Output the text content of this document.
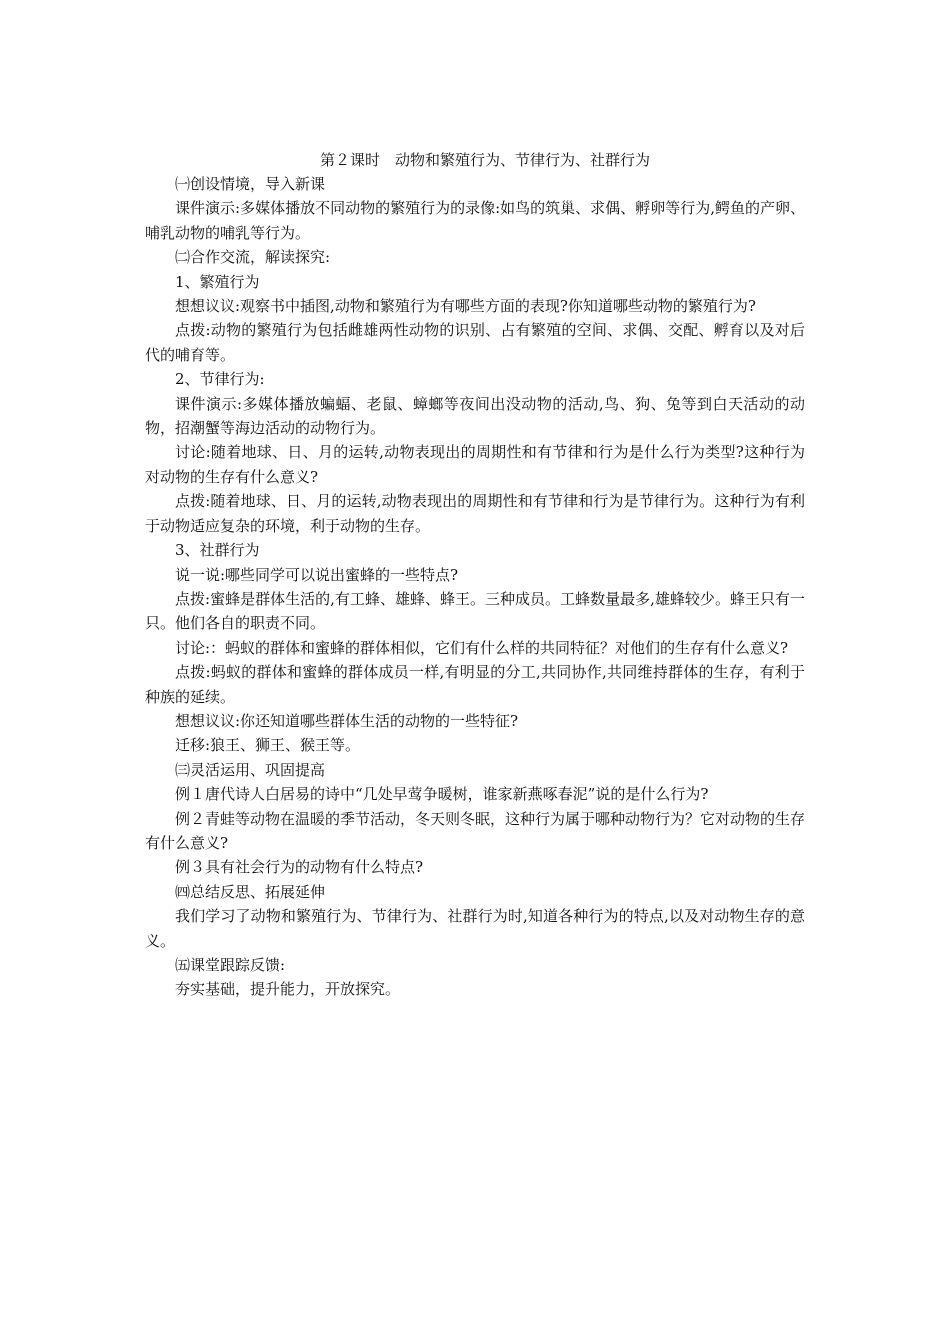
第２课时　动物和繁殖行为、节律行为、社群行为

㈠创设情境，导入新课

课件演示:多媒体播放不同动物的繁殖行为的录像:如鸟的筑巢、求偶、孵卵等行为,鳄鱼的产卵、哺乳动物的哺乳等行为。

㈡合作交流，解读探究:

1、繁殖行为

想想议议:观察书中插图,动物和繁殖行为有哪些方面的表现?你知道哪些动物的繁殖行为?

点拨:动物的繁殖行为包括雌雄两性动物的识别、占有繁殖的空间、求偶、交配、孵育以及对后代的哺育等。

2、节律行为:

课件演示:多媒体播放蝙蝠、老鼠、蟑螂等夜间出没动物的活动,鸟、狗、兔等到白天活动的动物，招潮蟹等海边活动的动物行为。

讨论:随着地球、日、月的运转,动物表现出的周期性和有节律和行为是什么行为类型?这种行为对动物的生存有什么意义?

点拨:随着地球、日、月的运转,动物表现出的周期性和有节律和行为是节律行为。这种行为有利于动物适应复杂的环境，利于动物的生存。

3、社群行为

说一说:哪些同学可以说出蜜蜂的一些特点?

点拨:蜜蜂是群体生活的,有工蜂、雄蜂、蜂王。三种成员。工蜂数量最多,雄蜂较少。蜂王只有一只。他们各自的职责不同。

讨论:：蚂蚁的群体和蜜蜂的群体相似，它们有什么样的共同特征？对他们的生存有什么意义?

点拨:蚂蚁的群体和蜜蜂的群体成员一样,有明显的分工,共同协作,共同维持群体的生存，有利于种族的延续。

想想议议:你还知道哪些群体生活的动物的一些特征?

迁移:狼王、狮王、猴王等。

㈢灵活运用、巩固提高

例１唐代诗人白居易的诗中“几处早莺争暖树，谁家新燕啄春泥”说的是什么行为?

例２青蛙等动物在温暖的季节活动，冬天则冬眠，这种行为属于哪种动物行为？它对动物的生存有什么意义?

例３具有社会行为的动物有什么特点?

㈣总结反思、拓展延伸

我们学习了动物和繁殖行为、节律行为、社群行为时,知道各种行为的特点,以及对动物生存的意义。

㈤课堂跟踪反馈:

夯实基础，提升能力，开放探究。
